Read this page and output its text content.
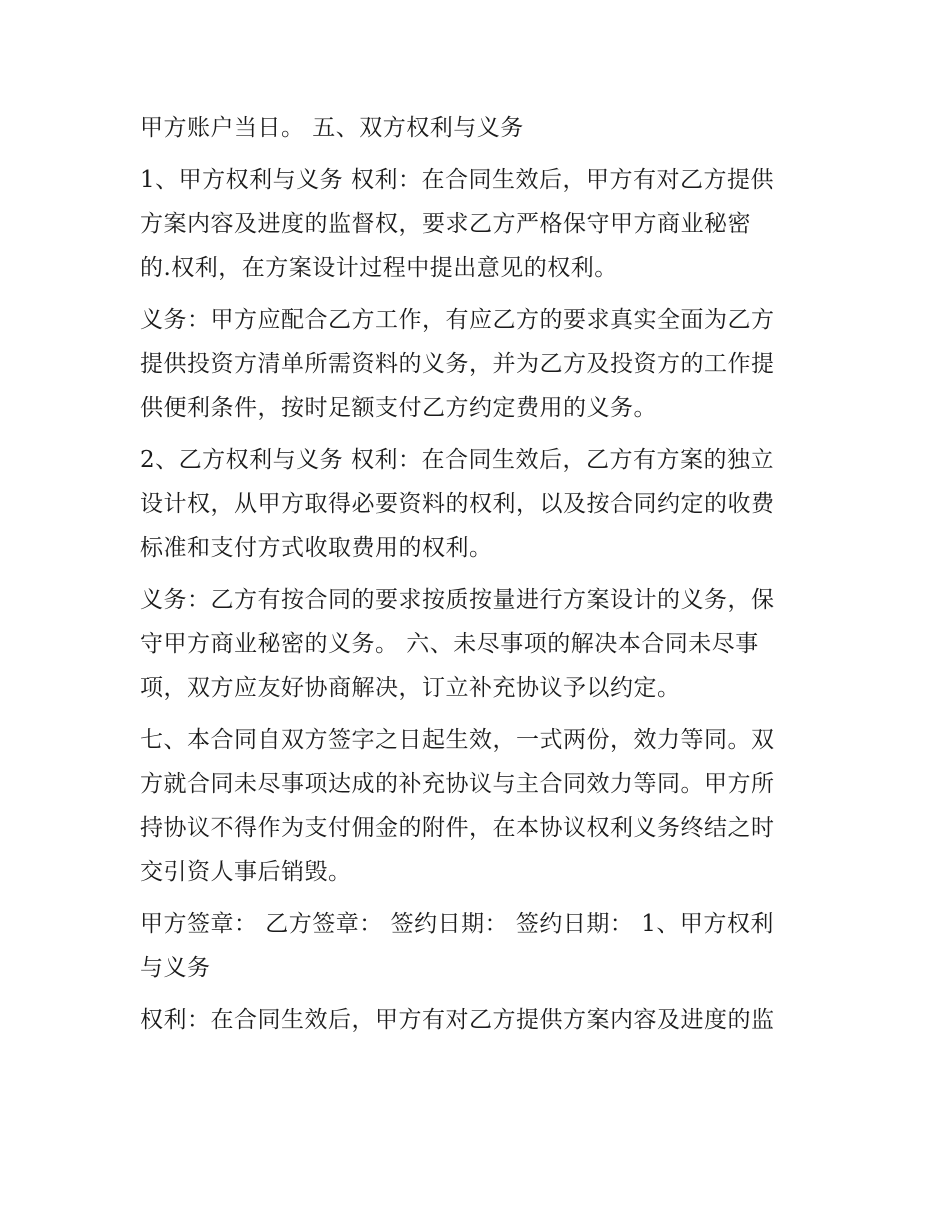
甲方账户当日。 五、双方权利与义务
1、甲方权利与义务 权利：在合同生效后，甲方有对乙方提供
方案内容及进度的监督权，要求乙方严格保守甲方商业秘密
的.权利，在方案设计过程中提出意见的权利。
义务：甲方应配合乙方工作，有应乙方的要求真实全面为乙方
提供投资方清单所需资料的义务，并为乙方及投资方的工作提
供便利条件，按时足额支付乙方约定费用的义务。
2、乙方权利与义务 权利：在合同生效后，乙方有方案的独立
设计权，从甲方取得必要资料的权利，以及按合同约定的收费
标准和支付方式收取费用的权利。
义务：乙方有按合同的要求按质按量进行方案设计的义务，保
守甲方商业秘密的义务。 六、未尽事项的解决本合同未尽事
项，双方应友好协商解决，订立补充协议予以约定。
七、本合同自双方签字之日起生效，一式两份，效力等同。双
方就合同未尽事项达成的补充协议与主合同效力等同。甲方所
持协议不得作为支付佣金的附件，在本协议权利义务终结之时
交引资人事后销毁。
甲方签章： 乙方签章： 签约日期： 签约日期： 1、甲方权利
与义务
权利：在合同生效后，甲方有对乙方提供方案内容及进度的监
